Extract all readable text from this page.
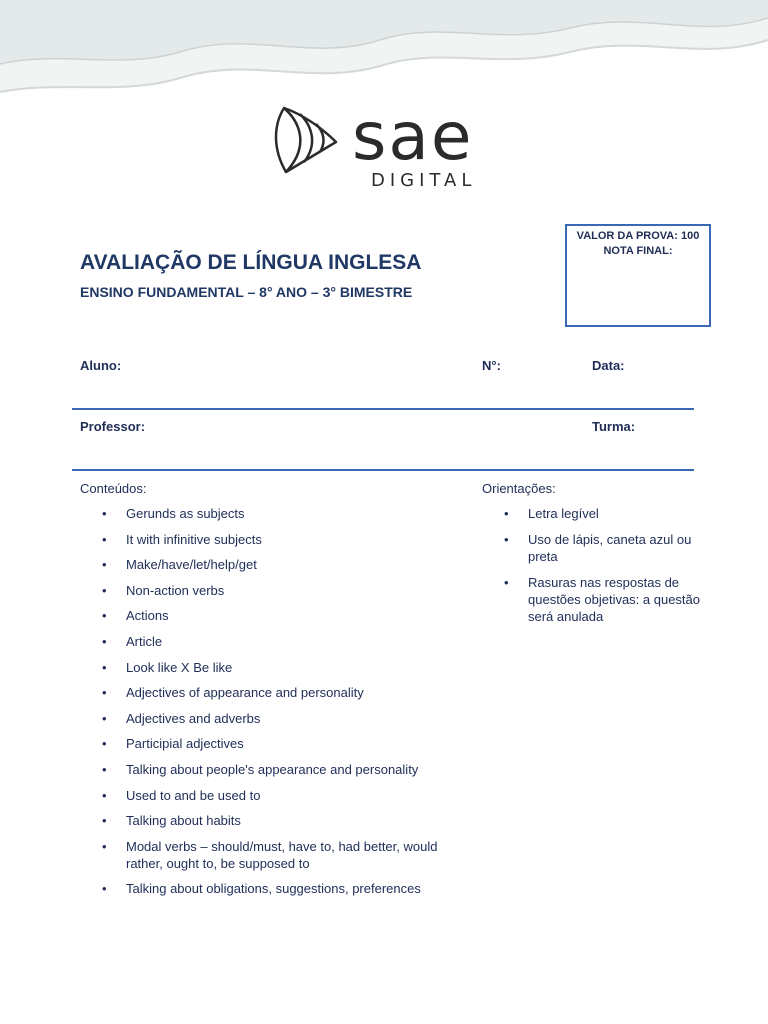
sae
DIGITAL
VALOR DA PROVA: 100
NOTA FINAL:
AVALIAÇÃO DE LÍNGUA INGLESA
ENSINO FUNDAMENTAL – 8° ANO – 3° BIMESTRE
Aluno:	N°:	Data:
Professor:	Turma:
Conteúdos:
• Gerunds as subjects
• It with infinitive subjects
• Make/have/let/help/get
• Non-action verbs
• Actions
• Article
• Look like X Be like
• Adjectives of appearance and personality
• Adjectives and adverbs
• Participial adjectives
• Talking about people's appearance and personality
• Used to and be used to
• Talking about habits
• Modal verbs – should/must, have to, had better, would rather, ought to, be supposed to
• Talking about obligations, suggestions, preferences
Orientações:
• Letra legível
• Uso de lápis, caneta azul ou preta
• Rasuras nas respostas de questões objetivas: a questão será anulada
